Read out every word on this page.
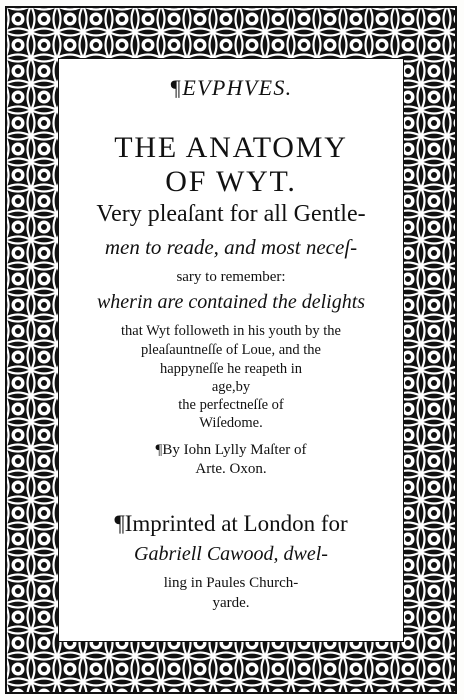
¶EVPHVES.
THE ANATOMY
OF WYT.
Very pleaſant for all Gentle-
men to reade, and most neceſ-
sary to remember:
wherin are contained the delights
that Wyt followeth in his youth by the
pleaſauntneſſe of Loue, and the
happyneſſe he reapeth in
age,by
the perfectneſſe of
Wiſedome.
¶By Iohn Lylly Maſter of
Arte. Oxon.
¶Imprinted at London for
Gabriell Cawood, dwel-
ling in Paules Church-
yarde.
